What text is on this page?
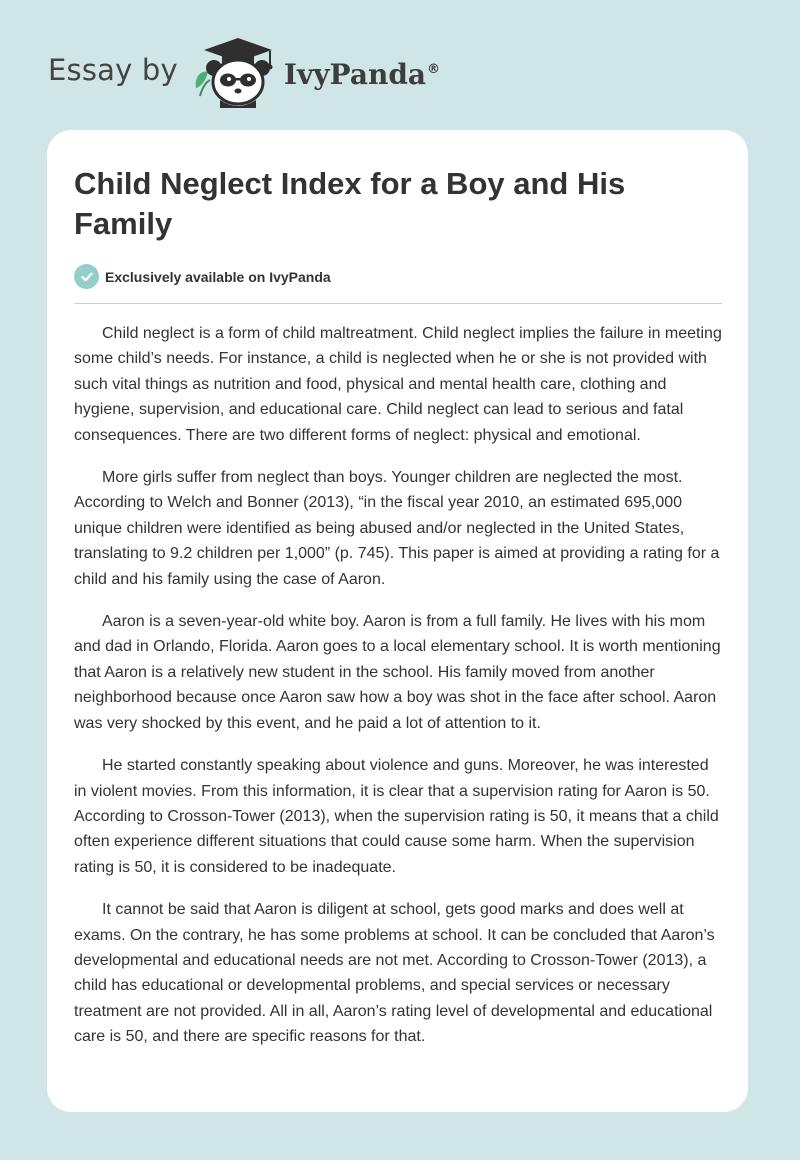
Essay by	IvyPanda®
Child Neglect Index for a Boy and His Family
Exclusively available on IvyPanda

Child neglect is a form of child maltreatment. Child neglect implies the failure in meeting some child’s needs. For instance, a child is neglected when he or she is not provided with such vital things as nutrition and food, physical and mental health care, clothing and hygiene, supervision, and educational care. Child neglect can lead to serious and fatal consequences. There are two different forms of neglect: physical and emotional.

More girls suffer from neglect than boys. Younger children are neglected the most. According to Welch and Bonner (2013), “in the fiscal year 2010, an estimated 695,000 unique children were identified as being abused and/or neglected in the United States, translating to 9.2 children per 1,000” (p. 745). This paper is aimed at providing a rating for a child and his family using the case of Aaron.

Aaron is a seven-year-old white boy. Aaron is from a full family. He lives with his mom and dad in Orlando, Florida. Aaron goes to a local elementary school. It is worth mentioning that Aaron is a relatively new student in the school. His family moved from another neighborhood because once Aaron saw how a boy was shot in the face after school. Aaron was very shocked by this event, and he paid a lot of attention to it.

He started constantly speaking about violence and guns. Moreover, he was interested in violent movies. From this information, it is clear that a supervision rating for Aaron is 50. According to Crosson-Tower (2013), when the supervision rating is 50, it means that a child often experience different situations that could cause some harm. When the supervision rating is 50, it is considered to be inadequate.

It cannot be said that Aaron is diligent at school, gets good marks and does well at exams. On the contrary, he has some problems at school. It can be concluded that Aaron’s developmental and educational needs are not met. According to Crosson-Tower (2013), a child has educational or developmental problems, and special services or necessary treatment are not provided. All in all, Aaron’s rating level of developmental and educational care is 50, and there are specific reasons for that.
